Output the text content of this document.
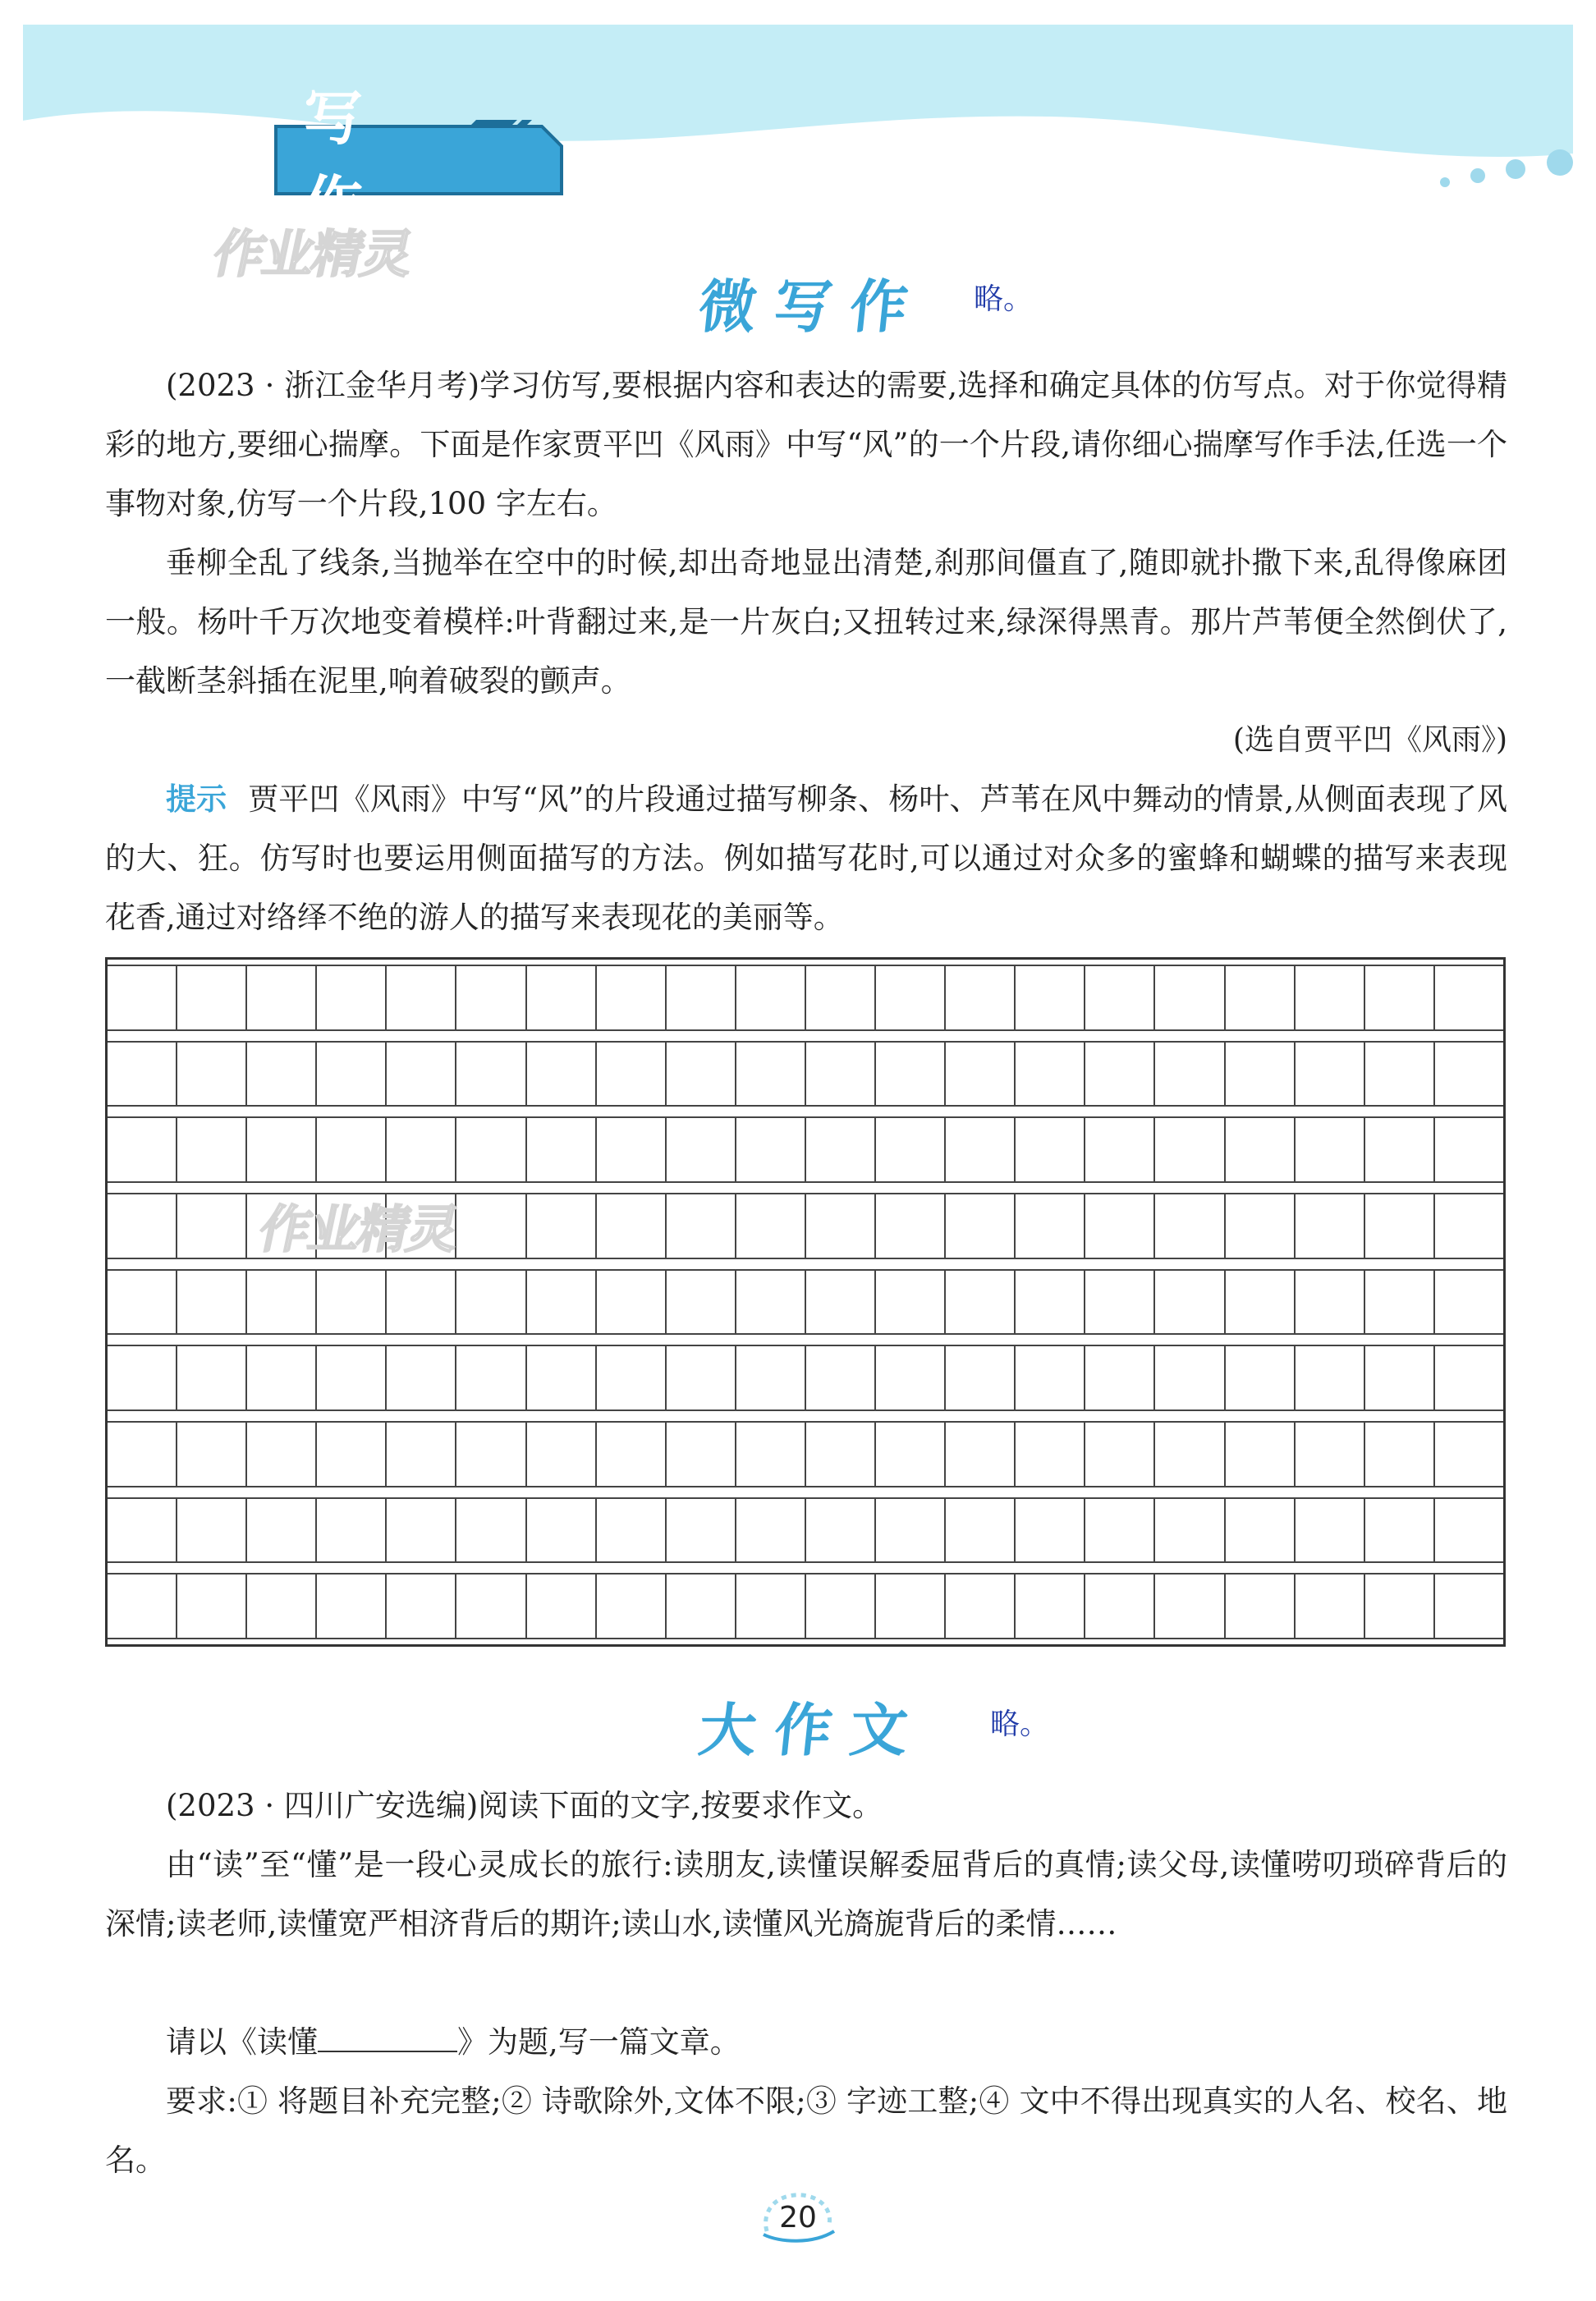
写 作
作业精灵
微写作 略。

(2023 · 浙江金华月考)学习仿写,要根据内容和表达的需要,选择和确定具体的仿写点。对于你觉得精彩的地方,要细心揣摩。下面是作家贾平凹《风雨》中写“风”的一个片段,请你细心揣摩写作手法,任选一个事物对象,仿写一个片段,100 字左右。

垂柳全乱了线条,当抛举在空中的时候,却出奇地显出清楚,刹那间僵直了,随即就扑撒下来,乱得像麻团一般。杨叶千万次地变着模样:叶背翻过来,是一片灰白;又扭转过来,绿深得黑青。那片芦苇便全然倒伏了,一截断茎斜插在泥里,响着破裂的颤声。

(选自贾平凹《风雨》)

提示 贾平凹《风雨》中写“风”的片段通过描写柳条、杨叶、芦苇在风中舞动的情景,从侧面表现了风的大、狂。仿写时也要运用侧面描写的方法。例如描写花时,可以通过对众多的蜜蜂和蝴蝶的描写来表现花香,通过对络绎不绝的游人的描写来表现花的美丽等。

作业精灵
大作文 略。

(2023 · 四川广安选编)阅读下面的文字,按要求作文。

由“读”至“懂”是一段心灵成长的旅行:读朋友,读懂误解委屈背后的真情;读父母,读懂唠叨琐碎背后的深情;读老师,读懂宽严相济背后的期许;读山水,读懂风光旖旎背后的柔情……

请以《读懂	》为题,写一篇文章。

要求:① 将题目补充完整;② 诗歌除外,文体不限;③ 字迹工整;④ 文中不得出现真实的人名、校名、地名。

20
